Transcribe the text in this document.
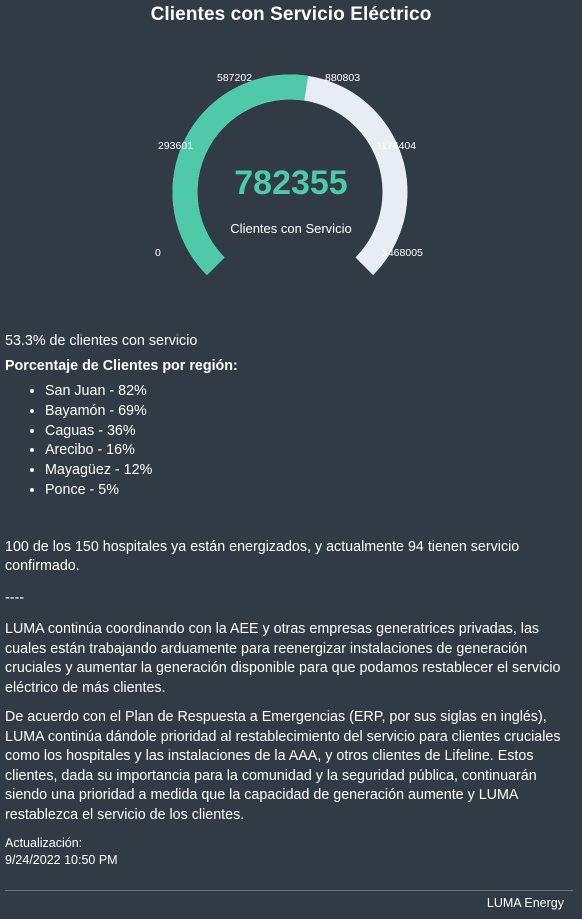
Clientes con Servicio Eléctrico
782355
Clientes con Servicio
0
293601
587202	880803
1174404
1468005

53.3% de clientes con servicio

Porcentaje de Clientes por región:

• San Juan - 82%
• Bayamón - 69%
• Caguas - 36%
• Arecibo - 16%
• Mayagüez - 12%
• Ponce - 5%

100 de los 150 hospitales ya están energizados, y actualmente 94 tienen servicio confirmado.

----

LUMA continúa coordinando con la AEE y otras empresas generatrices privadas, las cuales están trabajando arduamente para reenergizar instalaciones de generación cruciales y aumentar la generación disponible para que podamos restablecer el servicio eléctrico de más clientes.

De acuerdo con el Plan de Respuesta a Emergencias (ERP, por sus siglas en inglés), LUMA continúa dándole prioridad al restablecimiento del servicio para clientes cruciales como los hospitales y las instalaciones de la AAA, y otros clientes de Lifeline. Estos clientes, dada su importancia para la comunidad y la seguridad pública, continuarán siendo una prioridad a medida que la capacidad de generación aumente y LUMA restablezca el servicio de los clientes.

Actualización:

9/24/2022 10:50 PM

LUMA Energy
